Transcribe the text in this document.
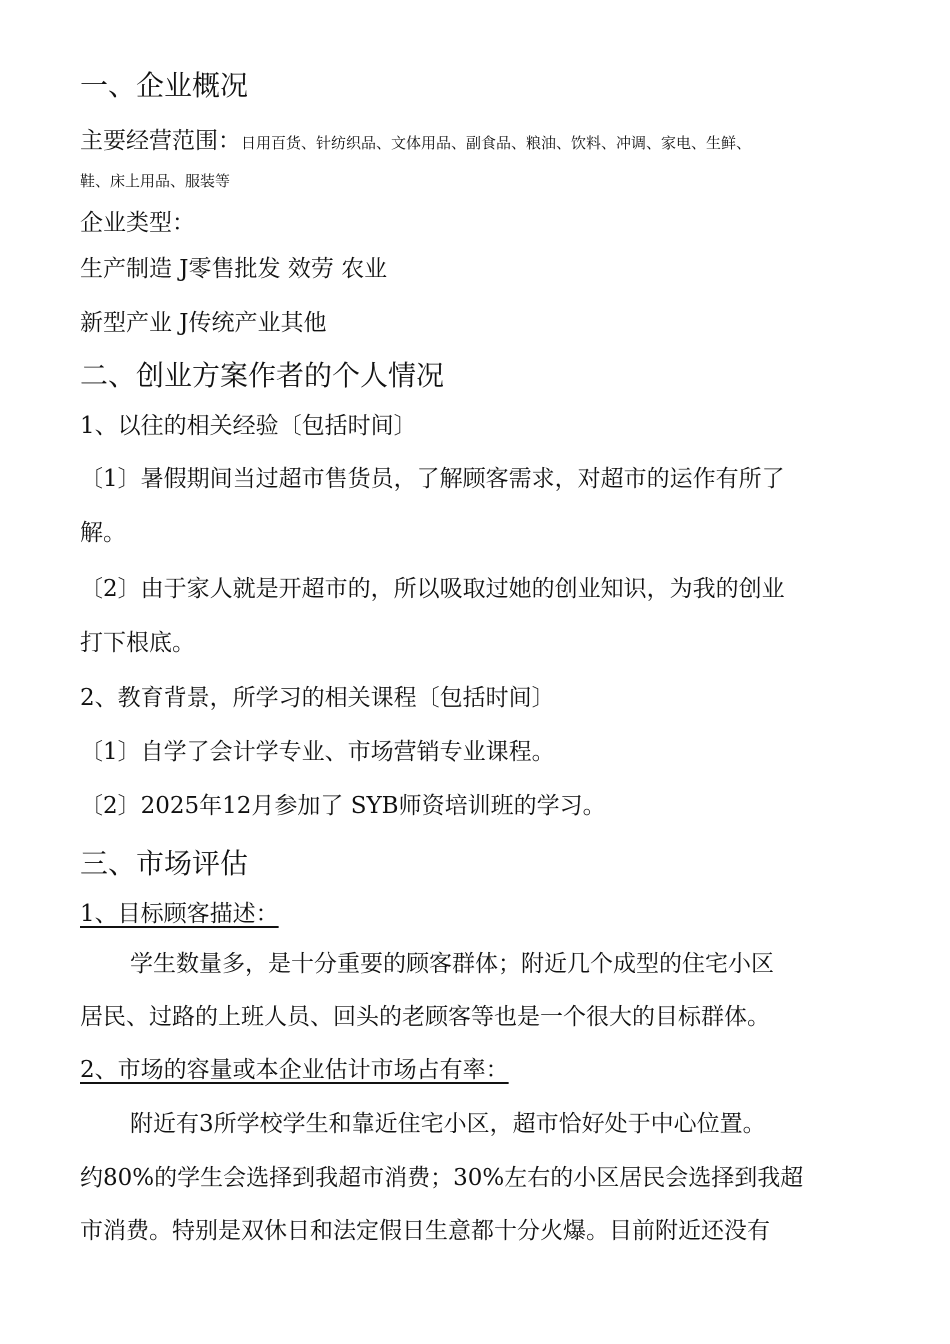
一、企业概况
主要经营范围：日用百货、针纺织品、文体用品、副食品、粮油、饮料、冲调、家电、生鲜、
鞋、床上用品、服装等
企业类型：
生产制造 J零售批发 效劳 农业
新型产业 J传统产业其他
二、创业方案作者的个人情况
1、以往的相关经验〔包括时间〕
〔1〕暑假期间当过超市售货员，了解顾客需求，对超市的运作有所了
解。
〔2〕由于家人就是开超市的，所以吸取过她的创业知识，为我的创业
打下根底。
2、教育背景，所学习的相关课程〔包括时间〕
〔1〕自学了会计学专业、市场营销专业课程。
〔2〕2025年12月参加了 SYB师资培训班的学习。
三、市场评估
1、目标顾客描述：
学生数量多，是十分重要的顾客群体；附近几个成型的住宅小区
居民、过路的上班人员、回头的老顾客等也是一个很大的目标群体。
2、市场的容量或本企业估计市场占有率：
附近有3所学校学生和靠近住宅小区，超市恰好处于中心位置。
约80%的学生会选择到我超市消费；30%左右的小区居民会选择到我超
市消费。特别是双休日和法定假日生意都十分火爆。目前附近还没有
